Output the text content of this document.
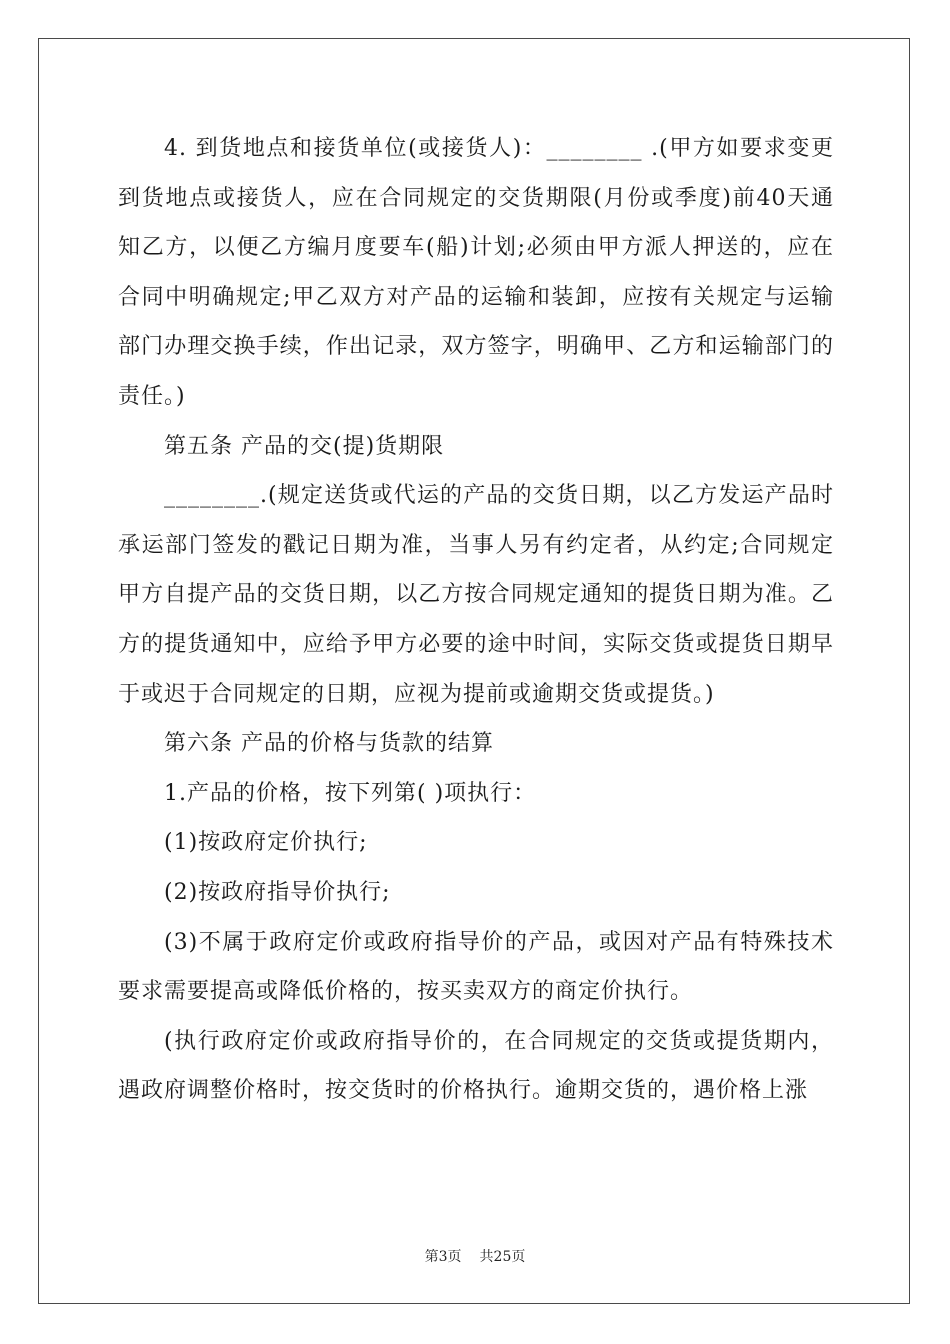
4. 到货地点和接货单位(或接货人)：________ .(甲方如要求变更到货地点或接货人，应在合同规定的交货期限(月份或季度)前40天通知乙方，以便乙方编月度要车(船)计划;必须由甲方派人押送的，应在合同中明确规定;甲乙双方对产品的运输和装卸，应按有关规定与运输部门办理交换手续，作出记录，双方签字，明确甲、乙方和运输部门的责任。)

第五条 产品的交(提)货期限

________.(规定送货或代运的产品的交货日期，以乙方发运产品时承运部门签发的戳记日期为准，当事人另有约定者，从约定;合同规定甲方自提产品的交货日期，以乙方按合同规定通知的提货日期为准。乙方的提货通知中，应给予甲方必要的途中时间，实际交货或提货日期早于或迟于合同规定的日期，应视为提前或逾期交货或提货。)

第六条 产品的价格与货款的结算

1.产品的价格，按下列第( )项执行：

(1)按政府定价执行;

(2)按政府指导价执行;

(3)不属于政府定价或政府指导价的产品，或因对产品有特殊技术要求需要提高或降低价格的，按买卖双方的商定价执行。

(执行政府定价或政府指导价的，在合同规定的交货或提货期内，遇政府调整价格时，按交货时的价格执行。逾期交货的，遇价格上涨

第3页 共25页
